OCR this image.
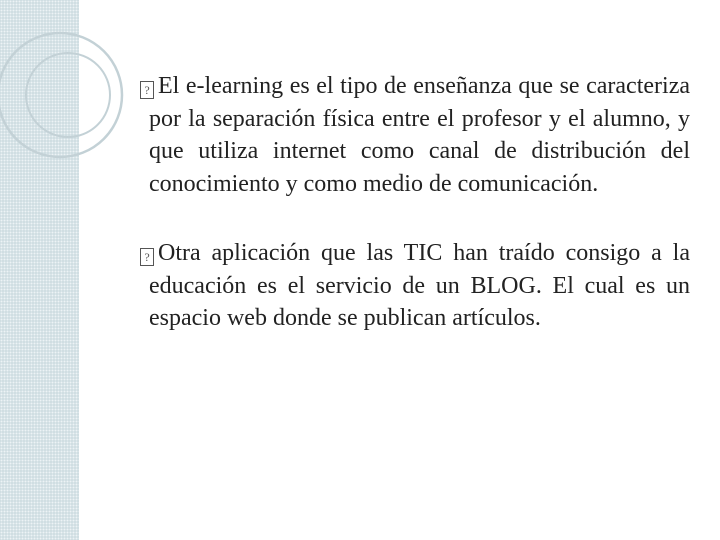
? El e-learning es el tipo de enseñanza que se caracteriza por la separación física entre el profesor y el alumno, y que utiliza internet como canal de distribución del conocimiento y como medio de comunicación.

? Otra aplicación que las TIC han traído consigo a la educación es el servicio de un BLOG. El cual es un espacio web donde se publican artículos.
